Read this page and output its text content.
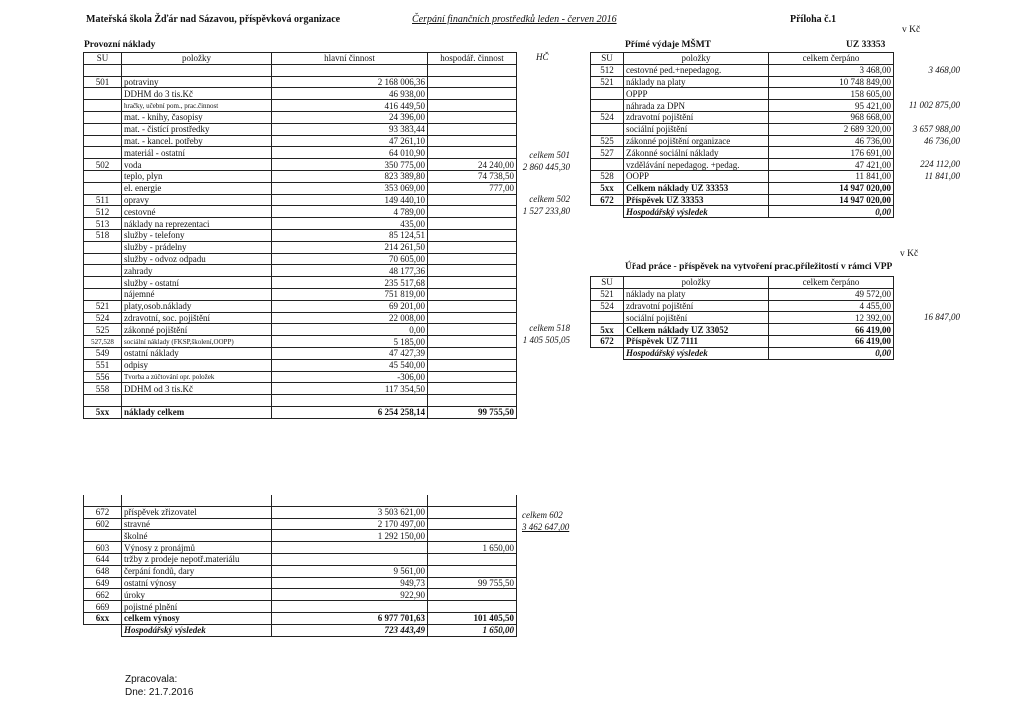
Mateřská škola Žďár nad Sázavou, příspěvková organizace	Čerpání finančních prostředků leden - červen 2016	Příloha č.1
Provozní náklady
HČ
SU	položky	hlavní činnost	hospodář. činnost

501	potraviny	2 168 006,36	
	DDHM do 3 tis.Kč	46 938,00	
	hračky, učební pom., prac.činnost	416 449,50	
	mat. - knihy, časopisy	24 396,00	
	mat. - čistící prostředky	93 383,44	
	mat. - kancel. potřeby	47 261,10	
	materiál - ostatní	64 010,90	
502	voda	350 775,00	24 240,00
	teplo, plyn	823 389,80	74 738,50
	el. energie	353 069,00	777,00
511	opravy	149 440,10	
512	cestovné	4 789,00	
513	náklady na reprezentaci	435,00	
518	služby - telefony	85 124,51	
	služby - prádelny	214 261,50	
	služby - odvoz odpadu	70 605,00	
	zahrady	48 177,36	
	služby - ostatní	235 517,68	
	nájemné	751 819,00	
521	platy,osob.náklady	69 201,00	
524	zdravotní, soc. pojištění	22 008,00	
525	zákonné pojištění	0,00	
527,528	sociální náklady (FKSP,školení,OOPP)	5 185,00	
549	ostatní náklady	47 427,39	
551	odpisy	45 540,00	
556	Tvorba a zúčtování opr. položek	-306,00	
558	DDHM od 3 tis.Kč	117 354,50	

5xx	náklady celkem	6 254 258,14	99 755,50
celkem 501
2 860 445,30
celkem 502
1 527 233,80
celkem 518
1 405 505,05

672	příspěvek zřizovatel	3 503 621,00	
602	stravné	2 170 497,00	
	školné	1 292 150,00	
603	Výnosy z pronájmů		1 650,00
644	tržby z prodeje nepotř.materiálu		
648	čerpání fondů, dary	9 561,00	
649	ostatní výnosy	949,73	99 755,50
662	úroky	922,90	
669	pojistné plnění		
6xx	celkem výnosy	6 977 701,63	101 405,50
	Hospodářský výsledek	723 443,49	1 650,00
celkem 602
3 462 647,00
v Kč
Přímé výdaje MŠMT	UZ 33353
SU	položky	celkem čerpáno
512	cestovné ped.+nepedagog.	3 468,00
521	náklady na platy	10 748 849,00
	OPPP	158 605,00
	náhrada za DPN	95 421,00
524	zdravotní pojištění	968 668,00
	sociální pojištění	2 689 320,00
525	zákonné pojištění organizace	46 736,00
527	Zákonné sociální náklady	176 691,00
	vzdělávání nepedagog. +pedag.	47 421,00
528	OOPP	11 841,00
5xx	Celkem náklady UZ 33353	14 947 020,00
672	Příspěvek UZ 33353	14 947 020,00
	Hospodářský výsledek	0,00
3 468,00
11 002 875,00
3 657 988,00
46 736,00
224 112,00
11 841,00
v Kč
Úřad práce - příspěvek na vytvoření prac.příležitostí v rámci VPP
SU	položky	celkem čerpáno
521	náklady na platy	49 572,00
524	zdravotní pojištění	4 455,00
	sociální pojištění	12 392,00
5xx	Celkem náklady UZ 33052	66 419,00
672	Příspěvek UZ 7111	66 419,00
	Hospodářský výsledek	0,00
16 847,00
Zpracovala:
Dne: 21.7.2016
